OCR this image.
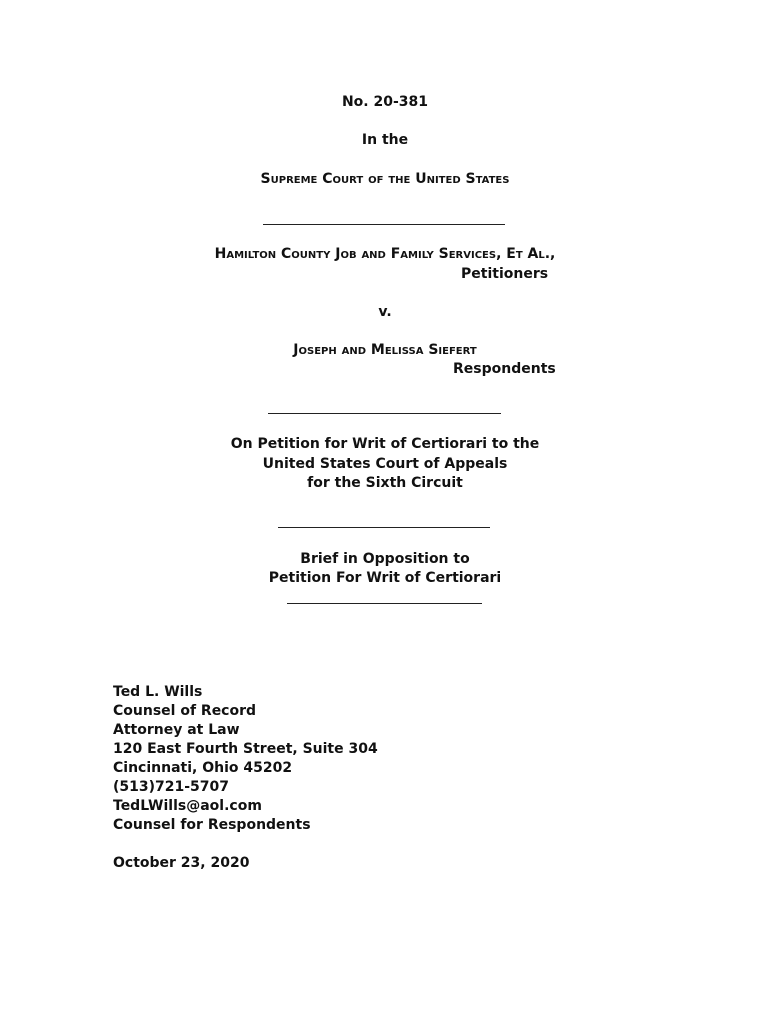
No. 20-381
In the
Supreme Court of the United States
Hamilton County Job and Family Services, Et Al.,
Petitioners
v.
Joseph and Melissa Siefert
Respondents
On Petition for Writ of Certiorari to the
United States Court of Appeals
for the Sixth Circuit
Brief in Opposition to
Petition For Writ of Certiorari
Ted L. Wills
Counsel of Record
Attorney at Law
120 East Fourth Street, Suite 304
Cincinnati, Ohio 45202
(513)721-5707
TedLWills@aol.com
Counsel for Respondents
October 23, 2020
